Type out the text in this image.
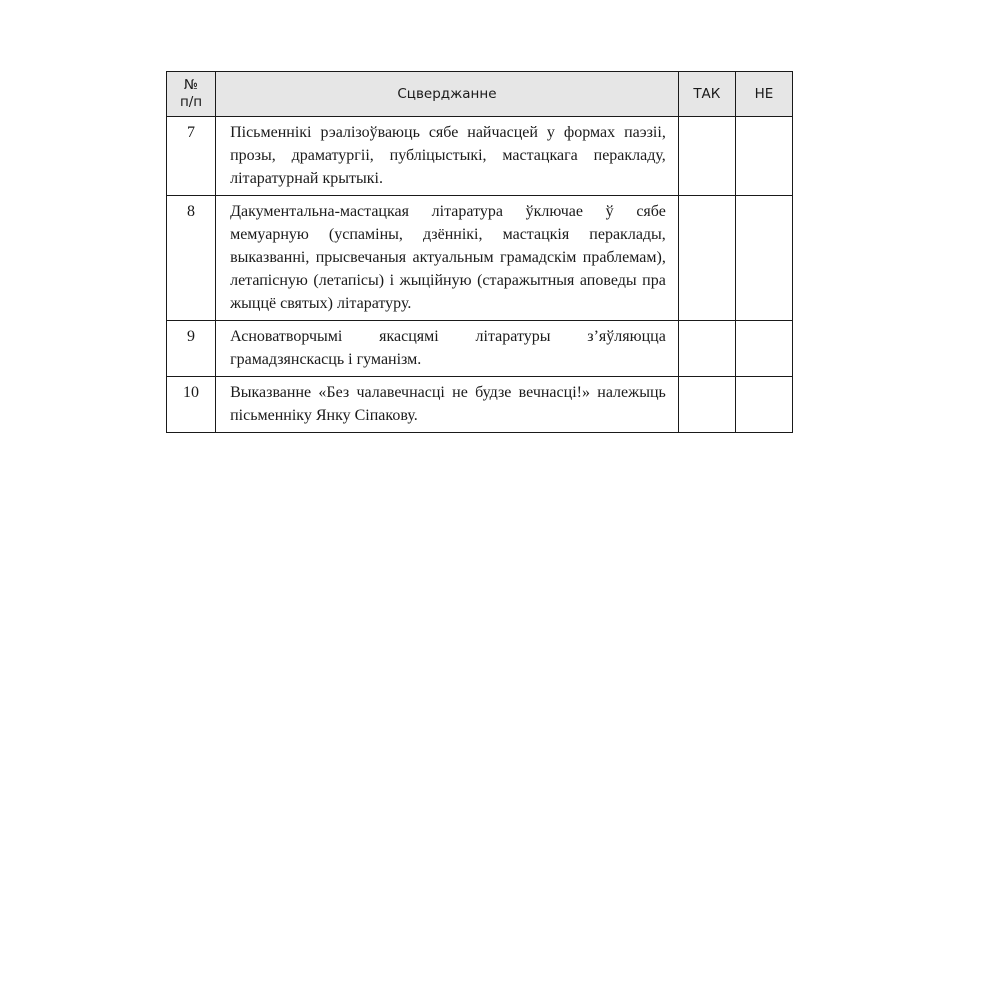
№
п/п	Сцверджанне	ТАК	НЕ
7	Пісьменнікі рэалізоўваюць сябе найчасцей у формах паэзіі, прозы, драматургіі, публіцыстыкі, мастацкага перакладу, літаратурнай крытыкі.		
8	Дакументальна-мастацкая літаратура ўключае ў сябе мемуарную (успаміны, дзённікі, мастацкія пераклады, выказванні, прысвечаныя актуальным грамадскім праблемам), летапісную (летапісы) і жыційную (старажытныя аповеды пра жыццё святых) літаратуру.		
9	Асноватворчымі якасцямі літаратуры з’яўляюцца грамадзянскасць і гуманізм.		
10	Выказванне «Без чалавечнасці не будзе вечнасці!» належыць пісьменніку Янку Сіпакову.		
